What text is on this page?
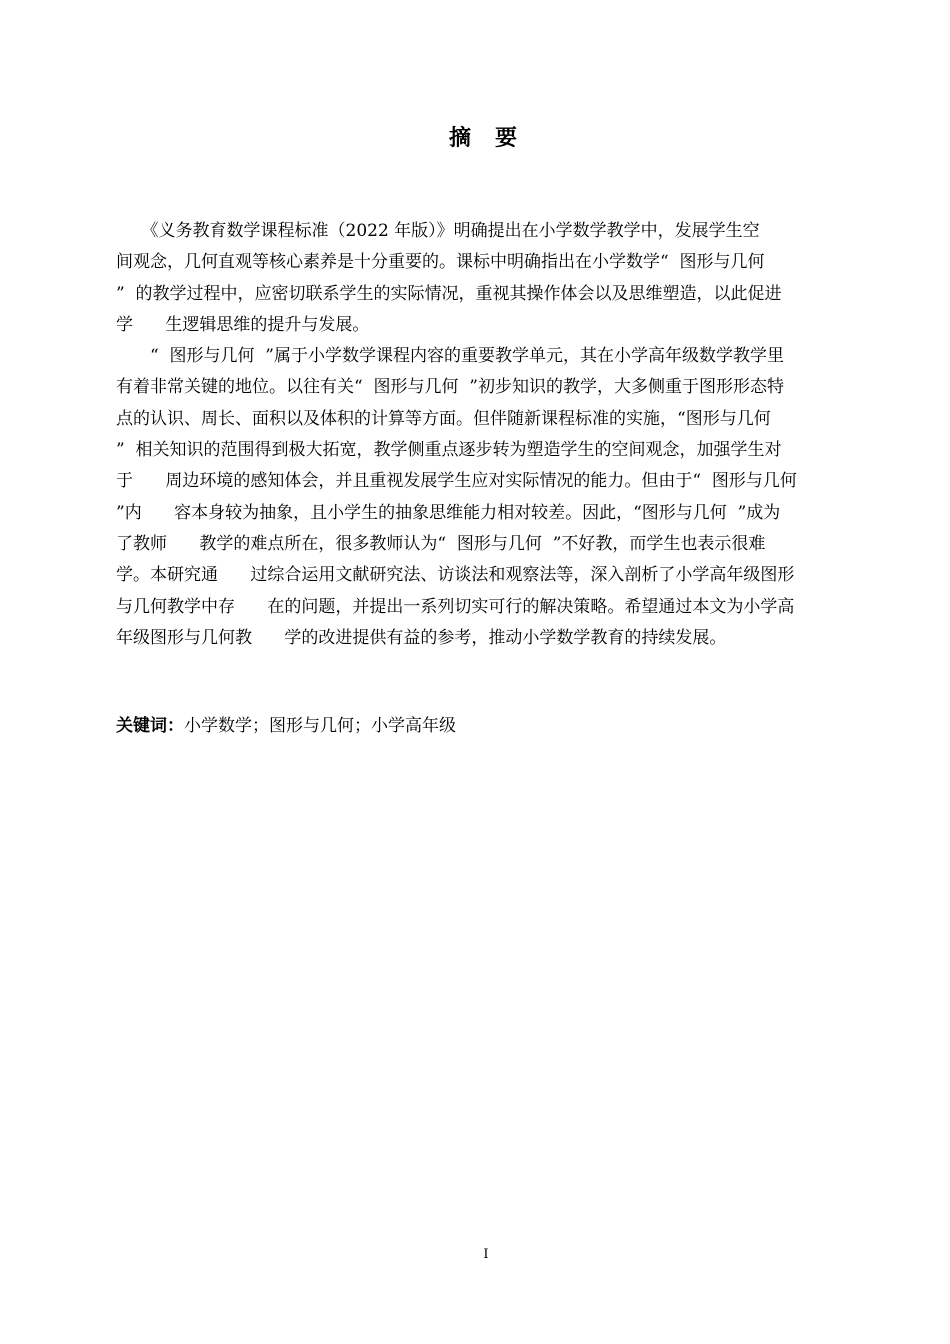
摘 要
　　《义务教育数学课程标准（2022 年版）》明确提出在小学数学教学中，发展学生空
间观念，几何直观等核心素养是十分重要的。课标中明确指出在小学数学“  图形与几何
”  的教学过程中，应密切联系学生的实际情况，重视其操作体会以及思维塑造，以此促进
学      生逻辑思维的提升与发展。
　　“  图形与几何  ”属于小学数学课程内容的重要教学单元，其在小学高年级数学教学里
有着非常关键的地位。以往有关“  图形与几何  ”初步知识的教学，大多侧重于图形形态特
点的认识、周长、面积以及体积的计算等方面。但伴随新课程标准的实施，“图形与几何
”  相关知识的范围得到极大拓宽，教学侧重点逐步转为塑造学生的空间观念，加强学生对
于      周边环境的感知体会，并且重视发展学生应对实际情况的能力。但由于“  图形与几何
”内      容本身较为抽象，且小学生的抽象思维能力相对较差。因此，“图形与几何  ”成为
了教师      教学的难点所在，很多教师认为“  图形与几何  ”不好教，而学生也表示很难
学。本研究通      过综合运用文献研究法、访谈法和观察法等，深入剖析了小学高年级图形
与几何教学中存      在的问题，并提出一系列切实可行的解决策略。希望通过本文为小学高
年级图形与几何教      学的改进提供有益的参考，推动小学数学教育的持续发展。
关键词：小学数学；图形与几何；小学高年级
I
